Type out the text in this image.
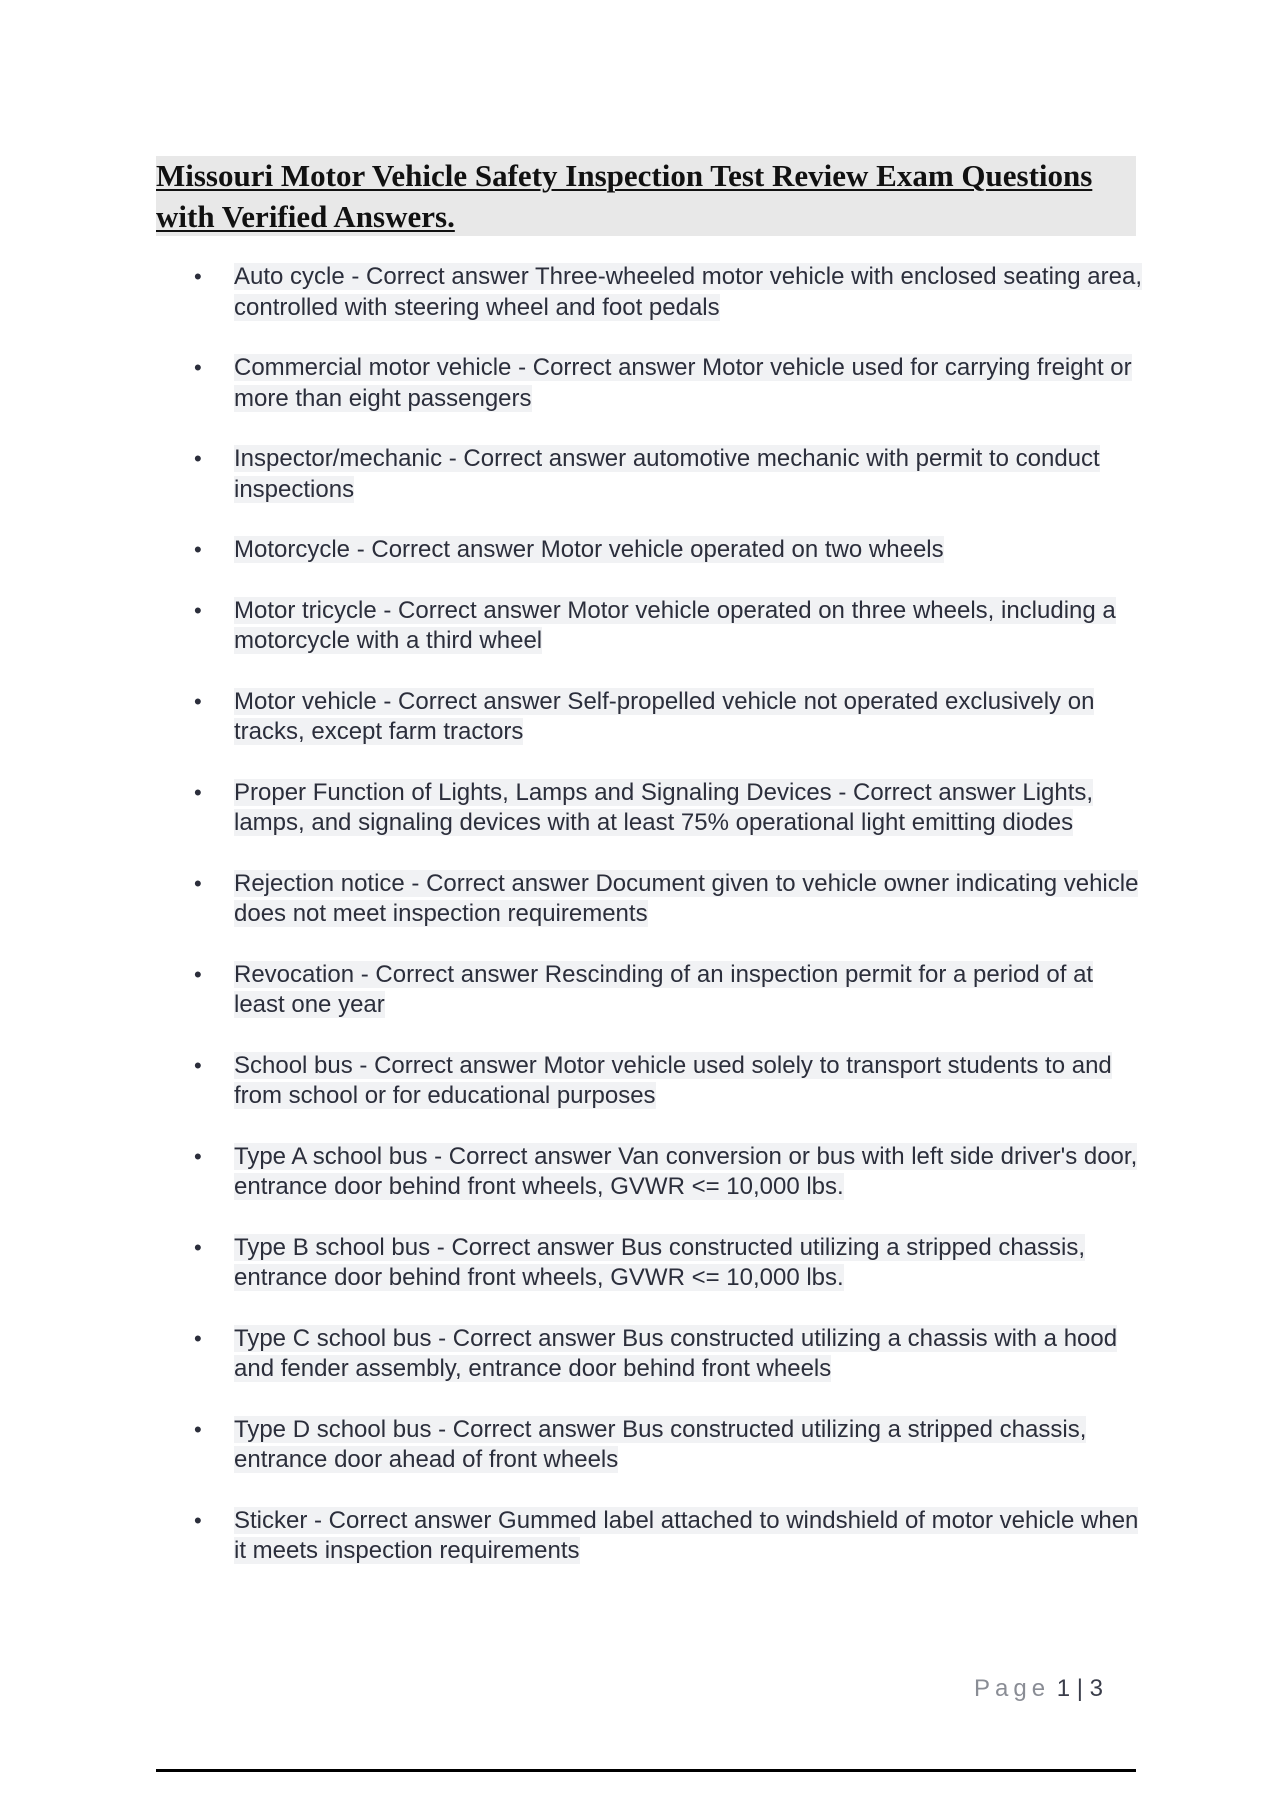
Missouri Motor Vehicle Safety Inspection Test Review Exam Questions with Verified Answers.
• Auto cycle - Correct answer Three-wheeled motor vehicle with enclosed seating area, controlled with steering wheel and foot pedals
• Commercial motor vehicle - Correct answer Motor vehicle used for carrying freight or more than eight passengers
• Inspector/mechanic - Correct answer automotive mechanic with permit to conduct inspections
• Motorcycle - Correct answer Motor vehicle operated on two wheels
• Motor tricycle - Correct answer Motor vehicle operated on three wheels, including a motorcycle with a third wheel
• Motor vehicle - Correct answer Self-propelled vehicle not operated exclusively on tracks, except farm tractors
• Proper Function of Lights, Lamps and Signaling Devices - Correct answer Lights, lamps, and signaling devices with at least 75% operational light emitting diodes
• Rejection notice - Correct answer Document given to vehicle owner indicating vehicle does not meet inspection requirements
• Revocation - Correct answer Rescinding of an inspection permit for a period of at least one year
• School bus - Correct answer Motor vehicle used solely to transport students to and from school or for educational purposes
• Type A school bus - Correct answer Van conversion or bus with left side driver's door, entrance door behind front wheels, GVWR <= 10,000 lbs.
• Type B school bus - Correct answer Bus constructed utilizing a stripped chassis, entrance door behind front wheels, GVWR <= 10,000 lbs.
• Type C school bus - Correct answer Bus constructed utilizing a chassis with a hood and fender assembly, entrance door behind front wheels
• Type D school bus - Correct answer Bus constructed utilizing a stripped chassis, entrance door ahead of front wheels
• Sticker - Correct answer Gummed label attached to windshield of motor vehicle when it meets inspection requirements
Page 1 | 3
